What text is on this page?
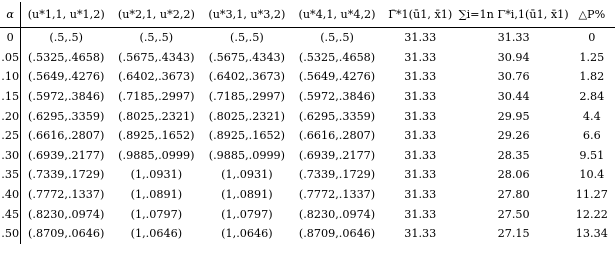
α	(u*1,1, u*1,2)	(u*2,1, u*2,2)	(u*3,1, u*3,2)	(u*4,1, u*4,2)	Γ̄*1(ū1, x̄1)	∑i=1n Γ*i,1(ū1, x̄1)	△P%
0	(.5,.5)	(.5,.5)	(.5,.5)	(.5,.5)	31.33	31.33	0
.05	(.5325,.4658)	(.5675,.4343)	(.5675,.4343)	(.5325,.4658)	31.33	30.94	1.25
.10	(.5649,.4276)	(.6402,.3673)	(.6402,.3673)	(.5649,.4276)	31.33	30.76	1.82
.15	(.5972,.3846)	(.7185,.2997)	(.7185,.2997)	(.5972,.3846)	31.33	30.44	2.84
.20	(.6295,.3359)	(.8025,.2321)	(.8025,.2321)	(.6295,.3359)	31.33	29.95	4.4
.25	(.6616,.2807)	(.8925,.1652)	(.8925,.1652)	(.6616,.2807)	31.33	29.26	6.6
.30	(.6939,.2177)	(.9885,.0999)	(.9885,.0999)	(.6939,.2177)	31.33	28.35	9.51
.35	(.7339,.1729)	(1,.0931)	(1,.0931)	(.7339,.1729)	31.33	28.06	10.4
.40	(.7772,.1337)	(1,.0891)	(1,.0891)	(.7772,.1337)	31.33	27.80	11.27
.45	(.8230,.0974)	(1,.0797)	(1,.0797)	(.8230,.0974)	31.33	27.50	12.22
.50	(.8709,.0646)	(1,.0646)	(1,.0646)	(.8709,.0646)	31.33	27.15	13.34
